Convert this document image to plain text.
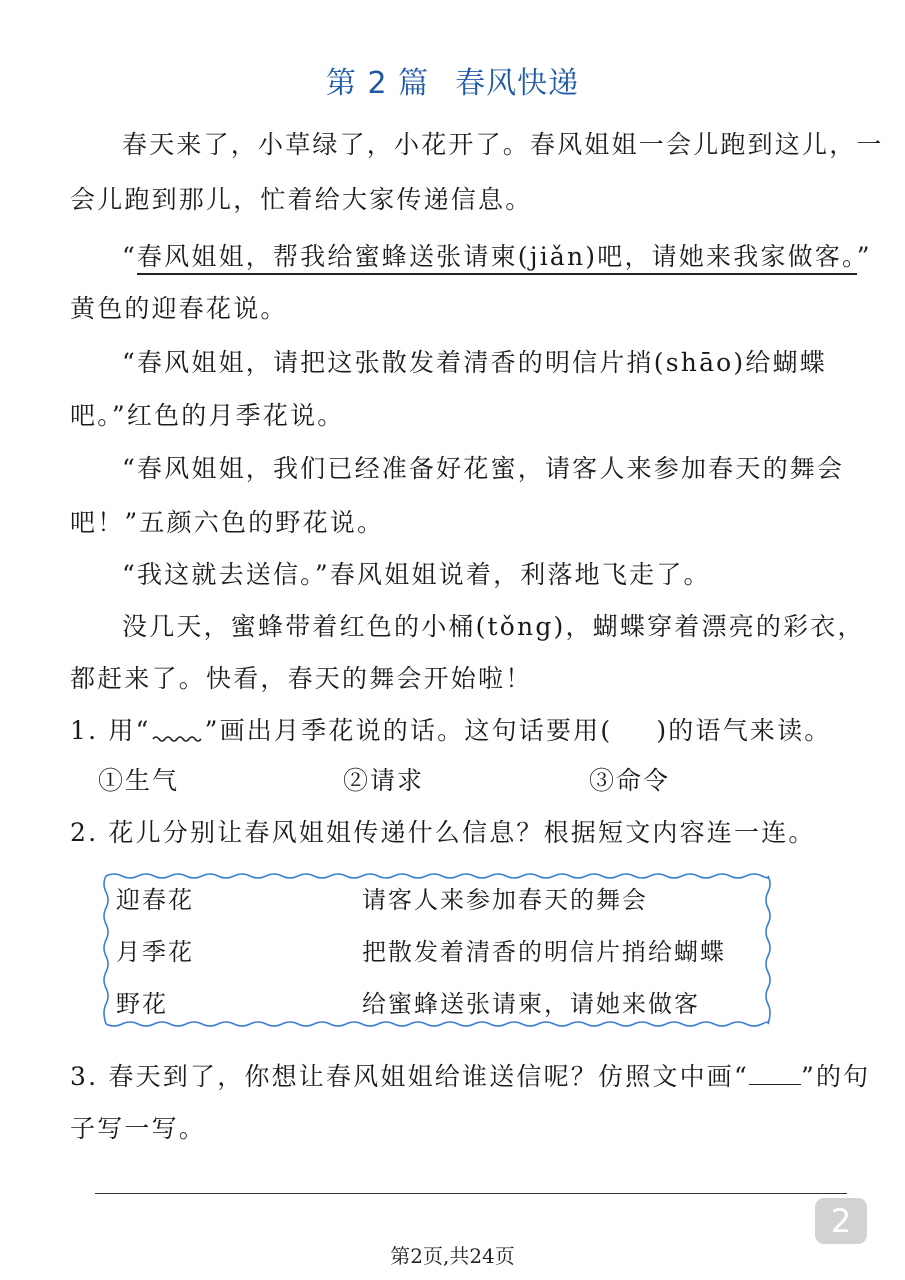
第 2 篇 春风快递
春天来了，小草绿了，小花开了。春风姐姐一会儿跑到这儿，一
会儿跑到那儿，忙着给大家传递信息。
“春风姐姐，帮我给蜜蜂送张请柬(jiǎn)吧，请她来我家做客。”
黄色的迎春花说。
“春风姐姐，请把这张散发着清香的明信片捎(shāo)给蝴蝶
吧。”红色的月季花说。
“春风姐姐，我们已经准备好花蜜，请客人来参加春天的舞会
吧！”五颜六色的野花说。
“我这就去送信。”春风姐姐说着，利落地飞走了。
没几天，蜜蜂带着红色的小桶(tǒng)，蝴蝶穿着漂亮的彩衣，
都赶来了。快看，春天的舞会开始啦！
1. 用“ ”画出月季花说的话。这句话要用( )的语气来读。
①生气	②请求	③命令
2. 花儿分别让春风姐姐传递什么信息？根据短文内容连一连。
迎春花
月季花
野花
请客人来参加春天的舞会
把散发着清香的明信片捎给蝴蝶
给蜜蜂送张请柬，请她来做客
3. 春天到了，你想让春风姐姐给谁送信呢？仿照文中画“ ”的句
子写一写。
2
第2页,共24页
